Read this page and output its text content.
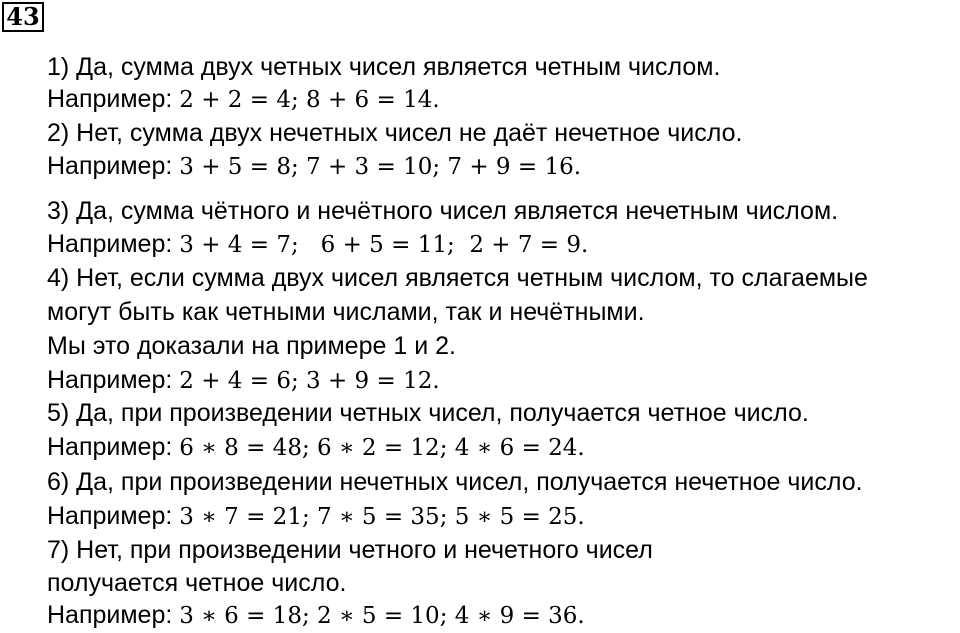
43
1) Да, сумма двух четных чисел является четным числом.
Например: 2 + 2 = 4; 8 + 6 = 14.
2) Нет, сумма двух нечетных чисел не даёт нечетное число.
Например: 3 + 5 = 8; 7 + 3 = 10; 7 + 9 = 16.
3) Да, сумма чётного и нечётного чисел является нечетным числом.
Например: 3 + 4 = 7;   6 + 5 = 11;  2 + 7 = 9.
4) Нет, если сумма двух чисел является четным числом, то слагаемые
могут быть как четными числами, так и нечётными.
Мы это доказали на примере 1 и 2.
Например: 2 + 4 = 6; 3 + 9 = 12.
5) Да, при произведении четных чисел, получается четное число.
Например: 6 ∗ 8 = 48; 6 ∗ 2 = 12; 4 ∗ 6 = 24.
6) Да, при произведении нечетных чисел, получается нечетное число.
Например: 3 ∗ 7 = 21; 7 ∗ 5 = 35; 5 ∗ 5 = 25.
7) Нет, при произведении четного и нечетного чисел
получается четное число.
Например: 3 ∗ 6 = 18; 2 ∗ 5 = 10; 4 ∗ 9 = 36.
